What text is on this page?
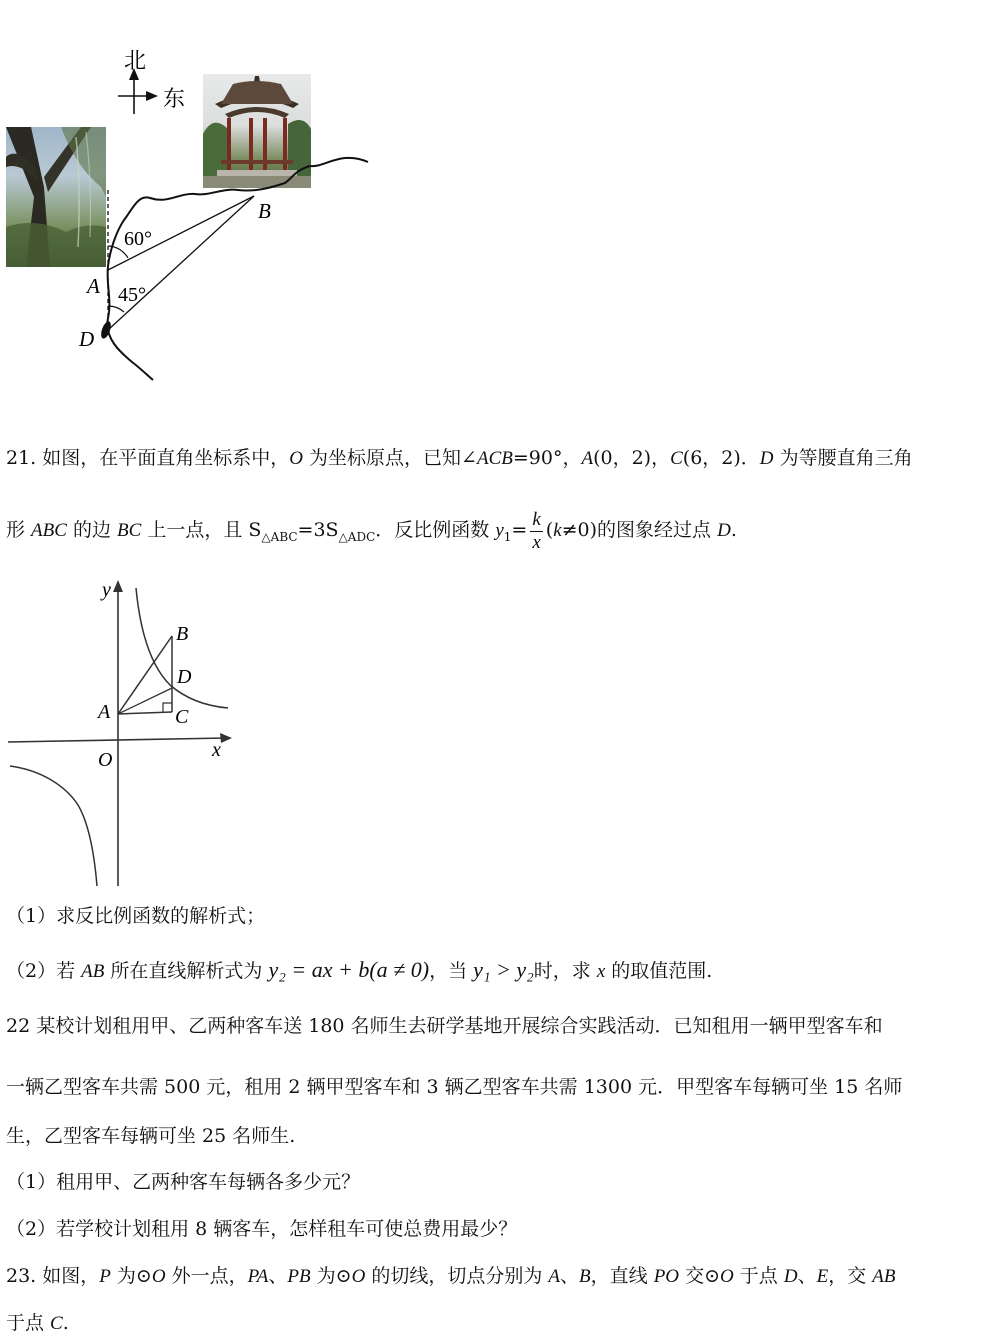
北
东
B
A
D
60°
45°
21. 如图，在平面直角坐标系中，O 为坐标原点，已知∠ACB=90°，A(0，2)，C(6，2)．D 为等腰直角三角
形 ABC 的边 BC 上一点，且 $S_{\triangle ABC}=3S_{\triangle ADC}$．反比例函数 $y_1= \frac{k}{x} (k\ne 0)$的图象经过点 D.
y
x
O
A
B
C
D
（1）求反比例函数的解析式；
（2）若 AB 所在直线解析式为 y₂ = ax + b(a ≠ 0)，当 y₁ > y₂时，求 x 的取值范围.
22 某校计划租用甲、乙两种客车送 180 名师生去研学基地开展综合实践活动．已知租用一辆甲型客车和
一辆乙型客车共需 500 元，租用 2 辆甲型客车和 3 辆乙型客车共需 1300 元．甲型客车每辆可坐 15 名师
生，乙型客车每辆可坐 25 名师生.
（1）租用甲、乙两种客车每辆各多少元？
（2）若学校计划租用 8 辆客车，怎样租车可使总费用最少？
23. 如图，P 为⊙O 外一点，PA、PB 为⊙O 的切线，切点分别为 A、B，直线 PO 交⊙O 于点 D、E，交 AB
于点 C.
